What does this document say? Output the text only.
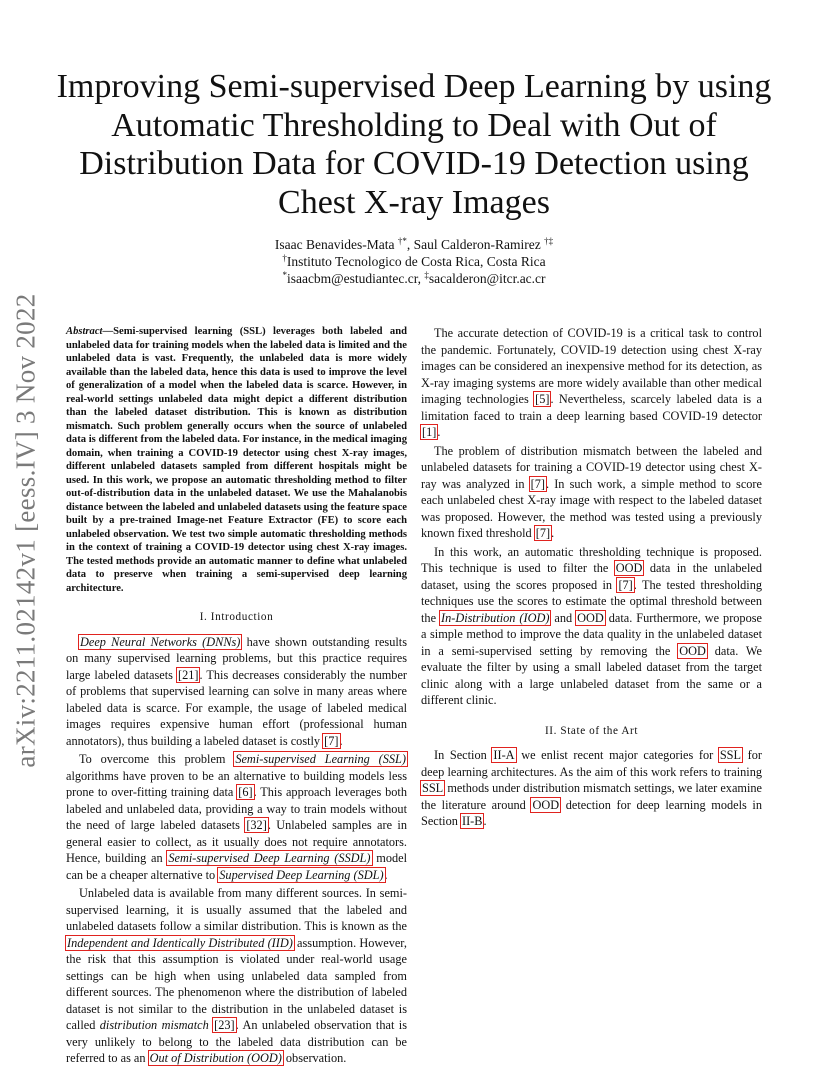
arXiv:2211.02142v1 [eess.IV] 3 Nov 2022
Improving Semi-supervised Deep Learning by using Automatic Thresholding to Deal with Out of Distribution Data for COVID-19 Detection using Chest X-ray Images
Isaac Benavides-Mata †*, Saul Calderon-Ramirez †‡
†Instituto Tecnologico de Costa Rica, Costa Rica
*isaacbm@estudiantec.cr, ‡sacalderon@itcr.ac.cr
Abstract—Semi-supervised learning (SSL) leverages both labeled and unlabeled data for training models when the labeled data is limited and the unlabeled data is vast. Frequently, the unlabeled data is more widely available than the labeled data, hence this data is used to improve the level of generalization of a model when the labeled data is scarce. However, in real-world settings unlabeled data might depict a different distribution than the labeled dataset distribution. This is known as distribution mismatch. Such problem generally occurs when the source of unlabeled data is different from the labeled data. For instance, in the medical imaging domain, when training a COVID-19 detector using chest X-ray images, different unlabeled datasets sampled from different hospitals might be used. In this work, we propose an automatic thresholding method to filter out-of-distribution data in the unlabeled dataset. We use the Mahalanobis distance between the labeled and unlabeled datasets using the feature space built by a pre-trained Image-net Feature Extractor (FE) to score each unlabeled observation. We test two simple automatic thresholding methods in the context of training a COVID-19 detector using chest X-ray images. The tested methods provide an automatic manner to define what unlabeled data to preserve when training a semi-supervised deep learning architecture.
I. Introduction

Deep Neural Networks (DNNs) have shown outstanding results on many supervised learning problems, but this practice requires large labeled datasets [21]. This decreases considerably the number of problems that supervised learning can solve in many areas where labeled data is scarce. For example, the usage of labeled medical images requires expensive human effort (professional human annotators), thus building a labeled dataset is costly [7].

To overcome this problem Semi-supervised Learning (SSL) algorithms have proven to be an alternative to building models less prone to over-fitting training data [6]. This approach leverages both labeled and unlabeled data, providing a way to train models without the need of large labeled datasets [32]. Unlabeled samples are in general easier to collect, as it usually does not require annotators. Hence, building an Semi-supervised Deep Learning (SSDL) model can be a cheaper alternative to Supervised Deep Learning (SDL).

Unlabeled data is available from many different sources. In semi-supervised learning, it is usually assumed that the labeled and unlabeled datasets follow a similar distribution. This is known as the Independent and Identically Distributed (IID) assumption. However, the risk that this assumption is violated under real-world usage settings can be high when using unlabeled data sampled from different sources. The phenomenon where the distribution of labeled dataset is not similar to the distribution in the unlabeled dataset is called distribution mismatch [23]. An unlabeled observation that is very unlikely to belong to the labeled data distribution can be referred to as an Out of Distribution (OOD) observation.

The accurate detection of COVID-19 is a critical task to control the pandemic. Fortunately, COVID-19 detection using chest X-ray images can be considered an inexpensive method for its detection, as X-ray imaging systems are more widely available than other medical imaging technologies [5]. Nevertheless, scarcely labeled data is a limitation faced to train a deep learning based COVID-19 detector [1].

The problem of distribution mismatch between the labeled and unlabeled datasets for training a COVID-19 detector using chest X-ray was analyzed in [7]. In such work, a simple method to score each unlabeled chest X-ray image with respect to the labeled dataset was proposed. However, the method was tested using a previously known fixed threshold [7].

In this work, an automatic thresholding technique is proposed. This technique is used to filter the OOD data in the unlabeled dataset, using the scores proposed in [7]. The tested thresholding techniques use the scores to estimate the optimal threshold between the In-Distribution (IOD) and OOD data. Furthermore, we propose a simple method to improve the data quality in the unlabeled dataset in a semi-supervised setting by removing the OOD data. We evaluate the filter by using a small labeled dataset from the target clinic along with a large unlabeled dataset from the same or a different clinic.

II. State of the Art

In Section II-A we enlist recent major categories for SSL for deep learning architectures. As the aim of this work refers to training SSL methods under distribution mismatch settings, we later examine the literature around OOD detection for deep learning models in Section II-B.
